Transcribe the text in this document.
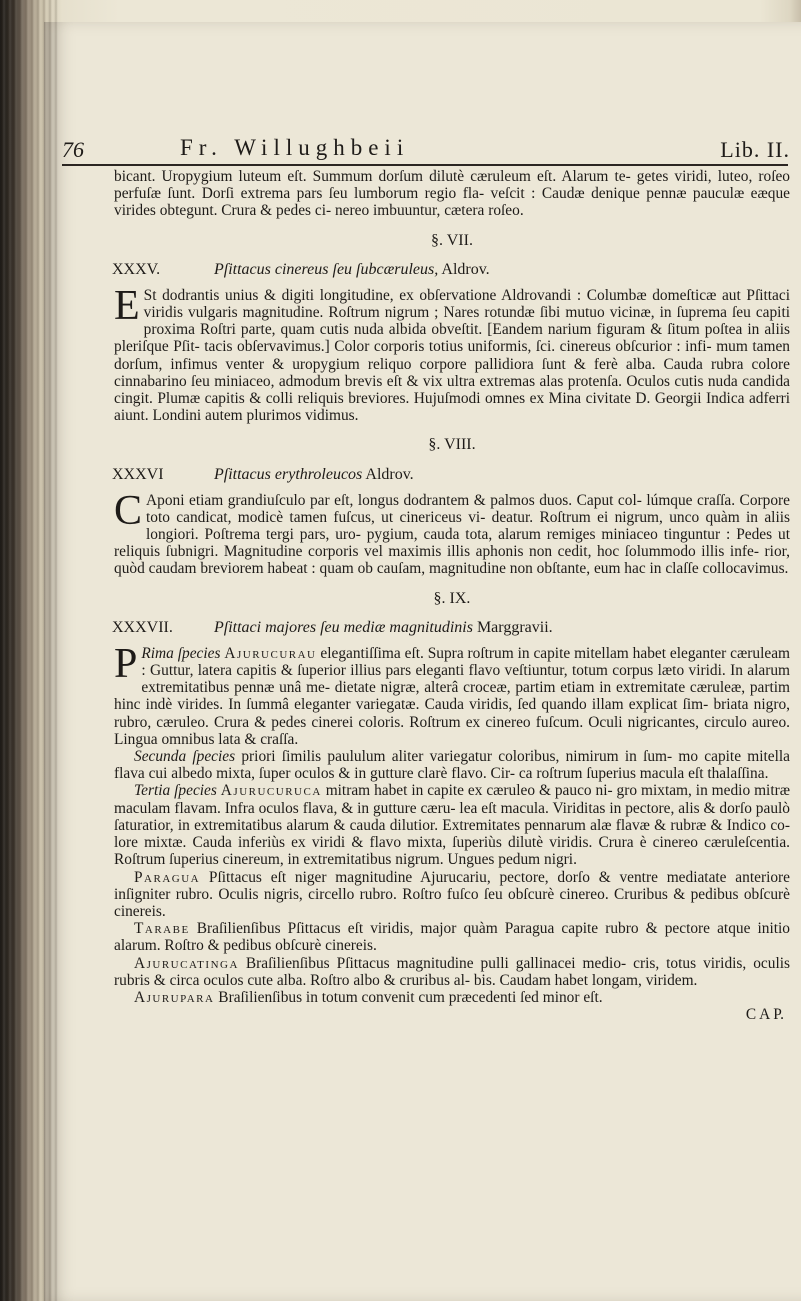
76	Fr. Willughbeii	Lib. II.

bicant. Uropygium luteum eſt. Summum dorſum dilutè cæruleum eſt. Alarum te- getes viridi, luteo, roſeo perfuſæ ſunt. Dorſi extrema pars ſeu lumborum regio fla- veſcit : Caudæ denique pennæ pauculæ eæque virides obtegunt. Crura & pedes ci- nereo imbuuntur, cætera roſeo.

§. VII.
XXXV.	Pſittacus cinereus ſeu ſubcæruleus, Aldrov.

E St dodrantis unius & digiti longitudine, ex obſervatione Aldrovandi : Columbæ domeſticæ aut Pſittaci viridis vulgaris magnitudine. Roſtrum nigrum ; Nares rotundæ ſibi mutuo vicinæ, in ſuprema ſeu capiti proxima Roſtri parte, quam cutis nuda albida obveſtit. [Eandem narium figuram & ſitum poſtea in aliis pleriſque Pſit- tacis obſervavimus.] Color corporis totius uniformis, ſci. cinereus obſcurior : infi- mum tamen dorſum, infimus venter & uropygium reliquo corpore pallidiora ſunt & ferè alba. Cauda rubra colore cinnabarino ſeu miniaceo, admodum brevis eſt & vix ultra extremas alas protenſa. Oculos cutis nuda candida cingit. Plumæ capitis & colli reliquis breviores. Hujuſmodi omnes ex Mina civitate D. Georgii Indica adferri aiunt. Londini autem plurimos vidimus.

§. VIII.
XXXVI	Pſittacus erythroleucos Aldrov.

C Aponi etiam grandiuſculo par eſt, longus dodrantem & palmos duos. Caput col- lúmque craſſa. Corpore toto candicat, modicè tamen fuſcus, ut cinericeus vi- deatur. Roſtrum ei nigrum, unco quàm in aliis longiori. Poſtrema tergi pars, uro- pygium, cauda tota, alarum remiges miniaceo tinguntur : Pedes ut reliquis ſubnigri. Magnitudine corporis vel maximis illis aphonis non cedit, hoc ſolummodo illis infe- rior, quòd caudam breviorem habeat : quam ob cauſam, magnitudine non obſtante, eum hac in claſſe collocavimus.

§. IX.
XXXVII.	Pſittaci majores ſeu mediæ magnitudinis Marggravii.

P Rima ſpecies Ajurucurau elegantiſſima eſt. Supra roſtrum in capite mitellam habet eleganter cæruleam : Guttur, latera capitis & ſuperior illius pars eleganti flavo veſtiuntur, totum corpus læto viridi. In alarum extremitatibus pennæ unâ me- dietate nigræ, alterâ croceæ, partim etiam in extremitate cæruleæ, partim hinc indè virides. In ſummâ eleganter variegatæ. Cauda viridis, ſed quando illam explicat ſim- briata nigro, rubro, cæruleo. Crura & pedes cinerei coloris. Roſtrum ex cinereo fuſcum. Oculi nigricantes, circulo aureo. Lingua omnibus lata & craſſa.

Secunda ſpecies priori ſimilis paululum aliter variegatur coloribus, nimirum in ſum- mo capite mitella flava cui albedo mixta, ſuper oculos & in gutture clarè flavo. Cir- ca roſtrum ſuperius macula eſt thalaſſina.

Tertia ſpecies Ajurucuruca mitram habet in capite ex cæruleo & pauco ni- gro mixtam, in medio mitræ maculam flavam. Infra oculos flava, & in gutture cæru- lea eſt macula. Viriditas in pectore, alis & dorſo paulò ſaturatior, in extremitatibus alarum & cauda dilutior. Extremitates pennarum alæ flavæ & rubræ & Indico co- lore mixtæ. Cauda inferiùs ex viridi & flavo mixta, ſuperiùs dilutè viridis. Crura è cinereo cæruleſcentia. Roſtrum ſuperius cinereum, in extremitatibus nigrum. Ungues pedum nigri.

Paragua Pſittacus eſt niger magnitudine Ajurucariu, pectore, dorſo & ventre mediatate anteriore inſigniter rubro. Oculis nigris, circello rubro. Roſtro fuſco ſeu obſcurè cinereo. Cruribus & pedibus obſcurè cinereis.

Tarabe Braſilienſibus Pſittacus eſt viridis, major quàm Paragua capite rubro & pectore atque initio alarum. Roſtro & pedibus obſcurè cinereis.

Ajurucatinga Braſilienſibus Pſittacus magnitudine pulli gallinacei medio- cris, totus viridis, oculis rubris & circa oculos cute alba. Roſtro albo & cruribus al- bis. Caudam habet longam, viridem.

Ajurupara Braſilienſibus in totum convenit cum præcedenti ſed minor eſt.

C A P.
